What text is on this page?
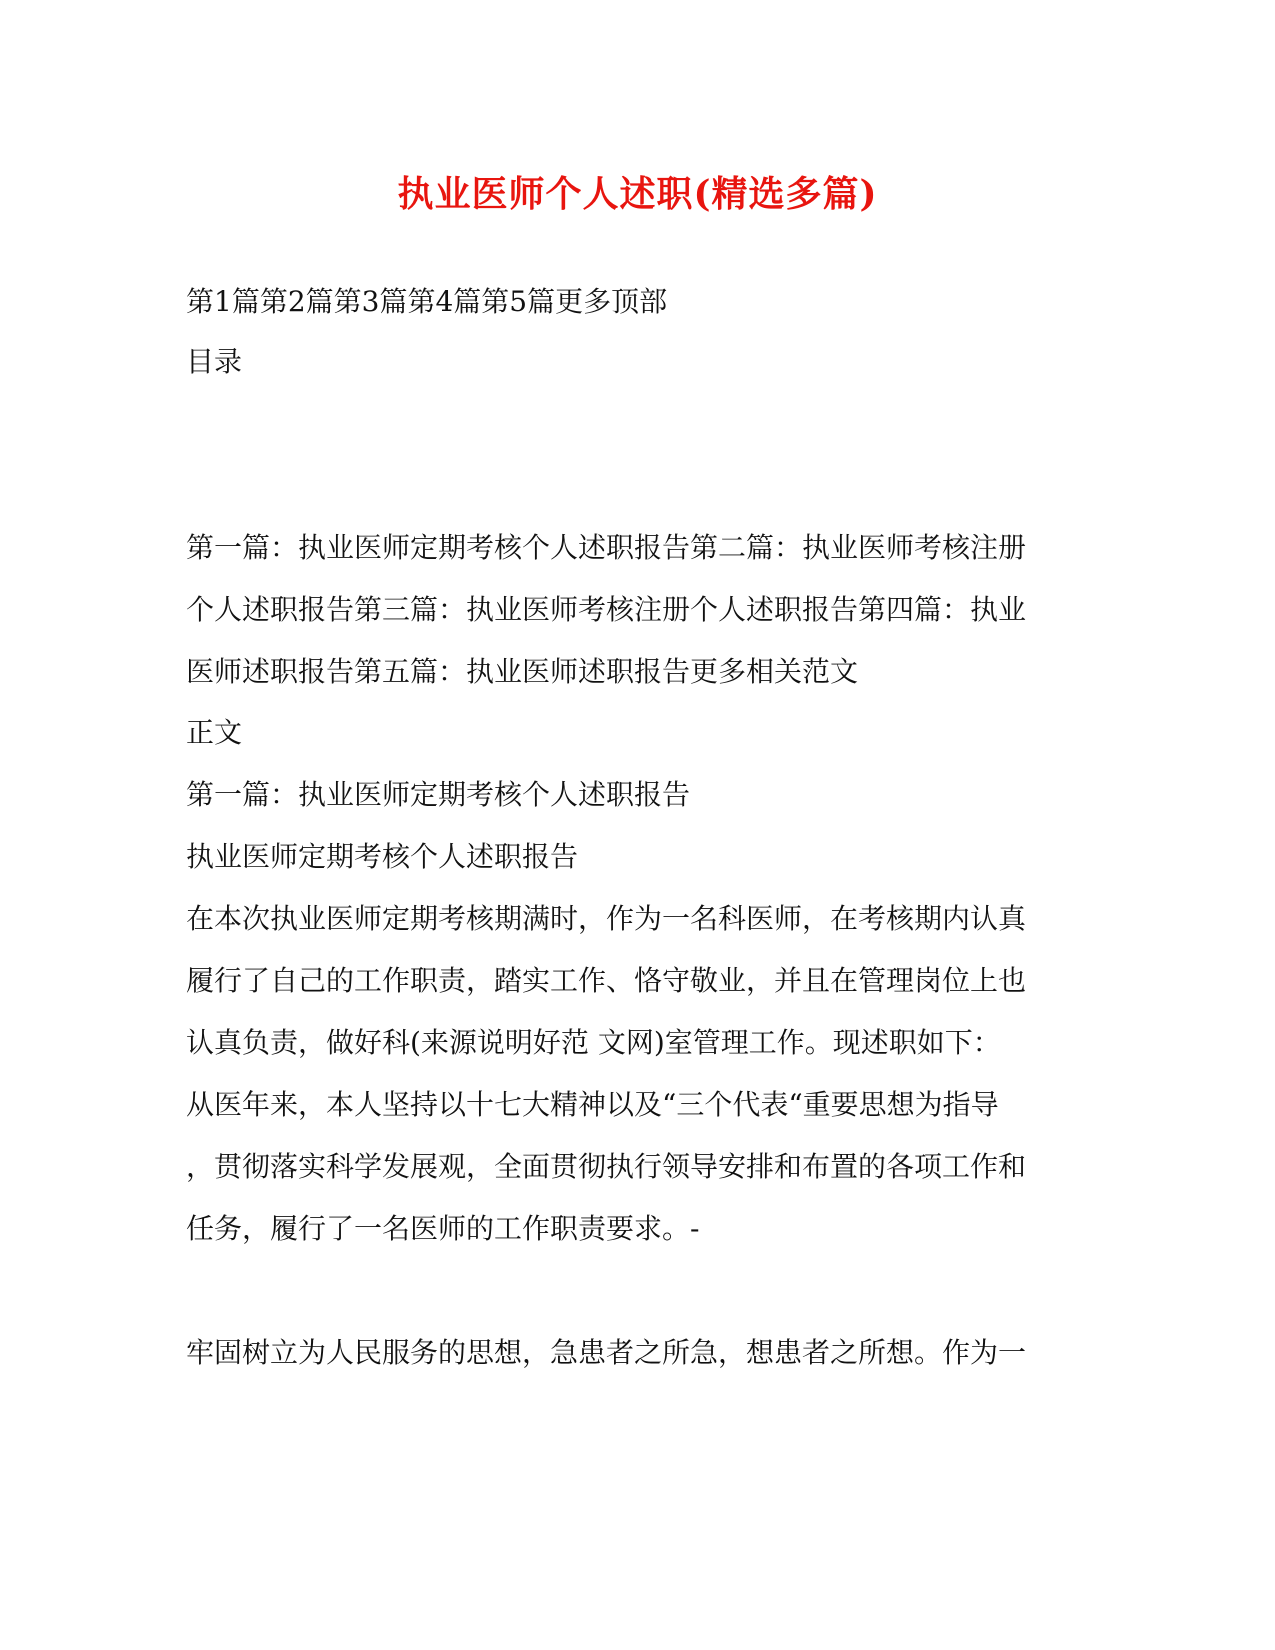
执业医师个人述职(精选多篇)
第1篇第2篇第3篇第4篇第5篇更多顶部
目录
第一篇：执业医师定期考核个人述职报告第二篇：执业医师考核注册
个人述职报告第三篇：执业医师考核注册个人述职报告第四篇：执业
医师述职报告第五篇：执业医师述职报告更多相关范文
正文
第一篇：执业医师定期考核个人述职报告
执业医师定期考核个人述职报告
在本次执业医师定期考核期满时，作为一名科医师，在考核期内认真
履行了自己的工作职责，踏实工作、恪守敬业，并且在管理岗位上也
认真负责，做好科(来源说明好范 文网)室管理工作。现述职如下：
从医年来，本人坚持以十七大精神以及“三个代表“重要思想为指导
，贯彻落实科学发展观，全面贯彻执行领导安排和布置的各项工作和
任务，履行了一名医师的工作职责要求。-
牢固树立为人民服务的思想，急患者之所急，想患者之所想。作为一
